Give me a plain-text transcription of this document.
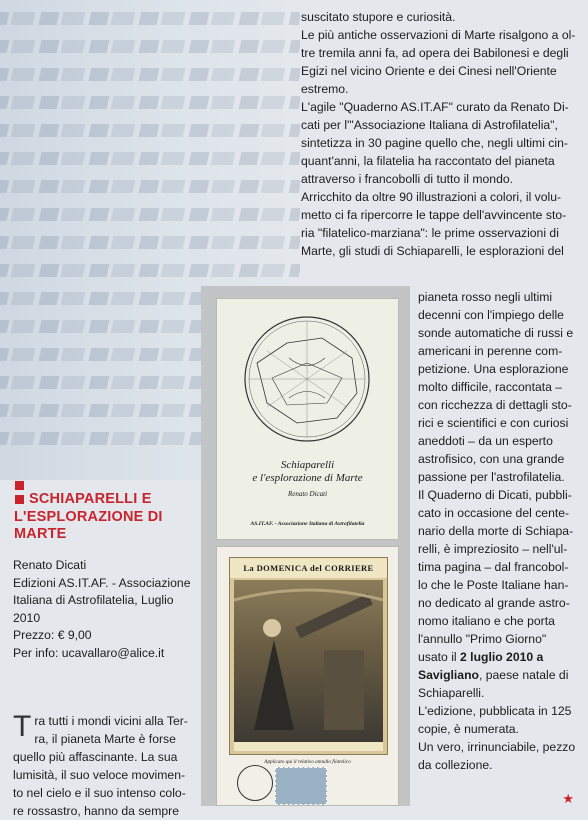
suscitato stupore e curiosità.

Le più antiche osservazioni di Marte risalgono a ol-

tre tremila anni fa, ad opera dei Babilonesi e degli

Egizi nel vicino Oriente e dei Cinesi nell'Oriente

estremo.

L'agile "Quaderno AS.IT.AF" curato da Renato Di-

cati per l'"Associazione Italiana di Astrofilatelia",

sintetizza in 30 pagine quello che, negli ultimi cin-

quant'anni, la filatelia ha raccontato del pianeta

attraverso i francobolli di tutto il mondo.

Arricchito da oltre 90 illustrazioni a colori, il volu-

metto ci fa ripercorre le tappe dell'avvincente sto-

ria "filatelico-marziana": le prime osservazioni di

Marte, gli studi di Schiaparelli, le esplorazioni del

pianeta rosso negli ultimi

decenni con l'impiego delle

sonde automatiche di russi e

americani in perenne com-

petizione. Una esplorazione

molto difficile, raccontata –

con ricchezza di dettagli sto-

rici e scientifici e con curiosi

aneddoti – da un esperto

astrofisico, con una grande

passione per l'astrofilatelia.

Il Quaderno di Dicati, pubbli-

cato in occasione del cente-

nario della morte di Schiapa-

relli, è impreziosito – nell'ul-

tima pagina – dal francobol-

lo che le Poste Italiane han-

no dedicato al grande astro-

nomo italiano e che porta

l'annullo "Primo Giorno"

usato il 2 luglio 2010 a

Savigliano, paese natale di

Schiaparelli.

L'edizione, pubblicata in 125

copie, è numerata.

Un vero, irrinunciabile, pezzo

da collezione.

★
Schiaparelli
e l'esplorazione di Marte
Renato Dicati
AS.IT.AF. - Associazione Italiana di Astrofilatelia
La DOMENICA del CORRIERE
Applicato qui il relativo annullo filatelico
SCHIAPARELLI E
L'ESPLORAZIONE DI
MARTE
Renato Dicati
Edizioni AS.IT.AF. - Associazione
Italiana di Astrofilatelia, Luglio
2010
Prezzo: € 9,00
Per info: ucavallaro@alice.it
T ra tutti i mondi vicini alla Ter-
ra, il pianeta Marte è forse
quello più affascinante. La sua
lumisità, il suo veloce movimen-
to nel cielo e il suo intenso colo-
re rossastro, hanno da sempre
